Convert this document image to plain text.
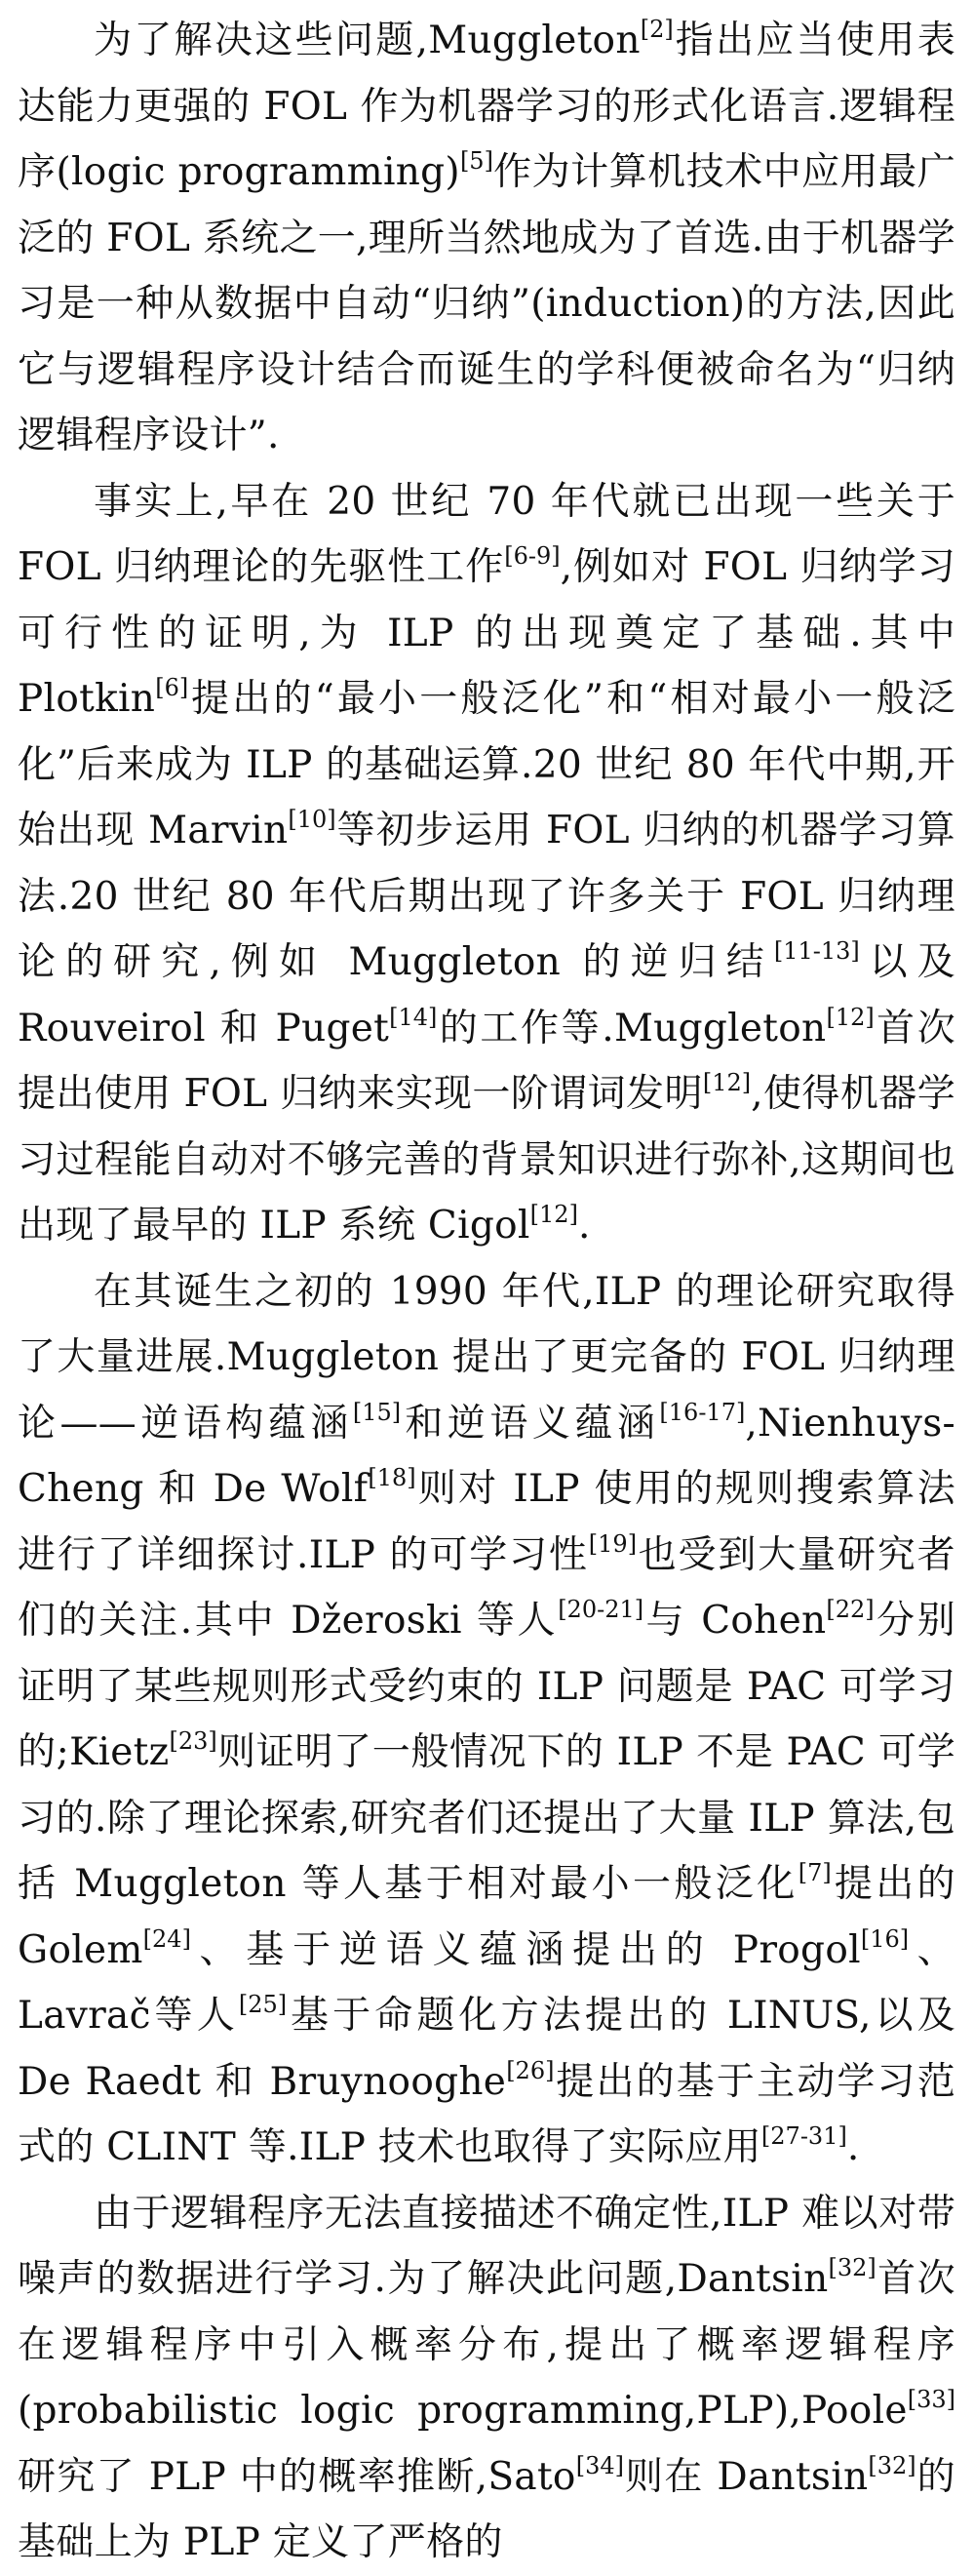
为了解决这些问题,Muggleton[2]指出应当使用表达能力更强的 FOL 作为机器学习的形式化语言.逻辑程序(logic programming)[5]作为计算机技术中应用最广泛的 FOL 系统之一,理所当然地成为了首选.由于机器学习是一种从数据中自动“归纳”(induction)的方法,因此它与逻辑程序设计结合而诞生的学科便被命名为“归纳逻辑程序设计”.

事实上,早在 20 世纪 70 年代就已出现一些关于 FOL 归纳理论的先驱性工作[6-9],例如对 FOL 归纳学习可行性的证明,为 ILP 的出现奠定了基础.其中 Plotkin[6]提出的“最小一般泛化”和“相对最小一般泛化”后来成为 ILP 的基础运算.20 世纪 80 年代中期,开始出现 Marvin[10]等初步运用 FOL 归纳的机器学习算法.20 世纪 80 年代后期出现了许多关于 FOL 归纳理论的研究,例如 Muggleton 的逆归结[11-13]以及 Rouveirol 和 Puget[14]的工作等.Muggleton[12]首次提出使用 FOL 归纳来实现一阶谓词发明[12],使得机器学习过程能自动对不够完善的背景知识进行弥补,这期间也出现了最早的 ILP 系统 Cigol[12].

在其诞生之初的 1990 年代,ILP 的理论研究取得了大量进展.Muggleton 提出了更完备的 FOL 归纳理论——逆语构蕴涵[15]和逆语义蕴涵[16-17],Nienhuys-Cheng 和 De Wolf[18]则对 ILP 使用的规则搜索算法进行了详细探讨.ILP 的可学习性[19]也受到大量研究者们的关注.其中 Džeroski 等人[20-21]与 Cohen[22]分别证明了某些规则形式受约束的 ILP 问题是 PAC 可学习的;Kietz[23]则证明了一般情况下的 ILP 不是 PAC 可学习的.除了理论探索,研究者们还提出了大量 ILP 算法,包括 Muggleton 等人基于相对最小一般泛化[7]提出的 Golem[24]、基于逆语义蕴涵提出的 Progol[16]、Lavrač等人[25]基于命题化方法提出的 LINUS,以及 De Raedt 和 Bruynooghe[26]提出的基于主动学习范式的 CLINT 等.ILP 技术也取得了实际应用[27-31].

由于逻辑程序无法直接描述不确定性,ILP 难以对带噪声的数据进行学习.为了解决此问题,Dantsin[32]首次在逻辑程序中引入概率分布,提出了概率逻辑程序(probabilistic logic programming,PLP),Poole[33]研究了 PLP 中的概率推断,Sato[34]则在 Dantsin[32]的基础上为 PLP 定义了严格的
